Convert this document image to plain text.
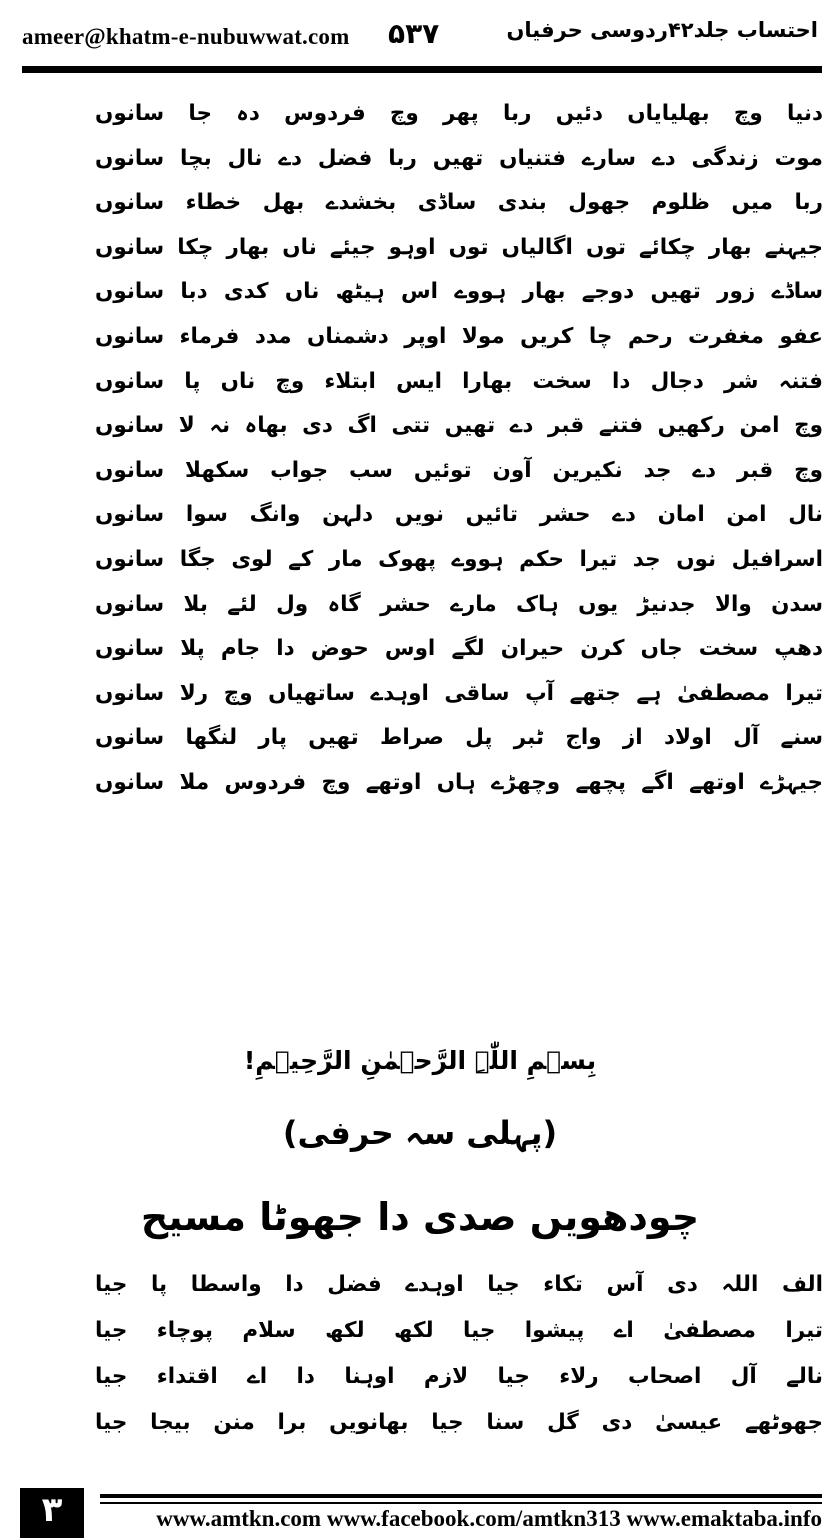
ameer@khatm-e-nubuwwat.com ۵۳۷	احتساب جلد۴۲ردوسی حرفیاں
دنیا وچ بھلیایاں دئیں ربا پھر وچ فردوس دہ جا سانوں
موت زندگی دے سارے فتنیاں تھیں ربا فضل دے نال بچا سانوں
ربا میں ظلوم جھول بندی ساڈی بخشدے بھل خطاء سانوں
جیہنے بھار چکائے توں اگالیاں توں اوہو جیئے ناں بھار چکا سانوں
ساڈے زور تھیں دوجے بھار ہووے اس ہیٹھ ناں کدی دبا سانوں
عفو مغفرت رحم چا کریں مولا اوپر دشمناں مدد فرماء سانوں
فتنہ شر دجال دا سخت بھارا ایس ابتلاء وچ ناں پا سانوں
وچ امن رکھیں فتنے قبر دے تھیں تتی اگ دی بھاہ نہ لا سانوں
وچ قبر دے جد نکیرین آون توئیں سب جواب سکھلا سانوں
نال امن امان دے حشر تائیں نویں دلہن وانگ سوا سانوں
اسرافیل نوں جد تیرا حکم ہووے پھوک مار کے لوی جگا سانوں
سدن والا جدنیڑ یوں ہاک مارے حشر گاہ ول لئے بلا سانوں
دھپ سخت جاں کرن حیران لگے اوس حوض دا جام پلا سانوں
تیرا مصطفیٰ ہے جتھے آپ ساقی اوہدے ساتھیاں وچ رلا سانوں
سنے آل اولاد از واج ٹبر پل صراط تھیں پار لنگھا سانوں
جیہڑے اوتھے اگے پچھے وچھڑے ہاں اوتھے وچ فردوس ملا سانوں
بِسۡمِ اللّٰہِ الرَّحۡمٰنِ الرَّحِیۡمِ!
(پہلی سہ حرفی)
چودھویں صدی دا جھوٹا مسیح
الف اللہ دی آس تکاء جیا اوہدے فضل دا واسطا پا جیا
تیرا مصطفیٰ اے پیشوا جیا لکھ لکھ سلام پوچاء جیا
نالے آل اصحاب رلاء جیا لازم اوہنا دا اے اقتداء جیا
جھوٹھے عیسیٰ دی گل سنا جیا بھانویں برا منن بیجا جیا
۳	www.amtkn.com www.facebook.com/amtkn313 www.emaktaba.info
